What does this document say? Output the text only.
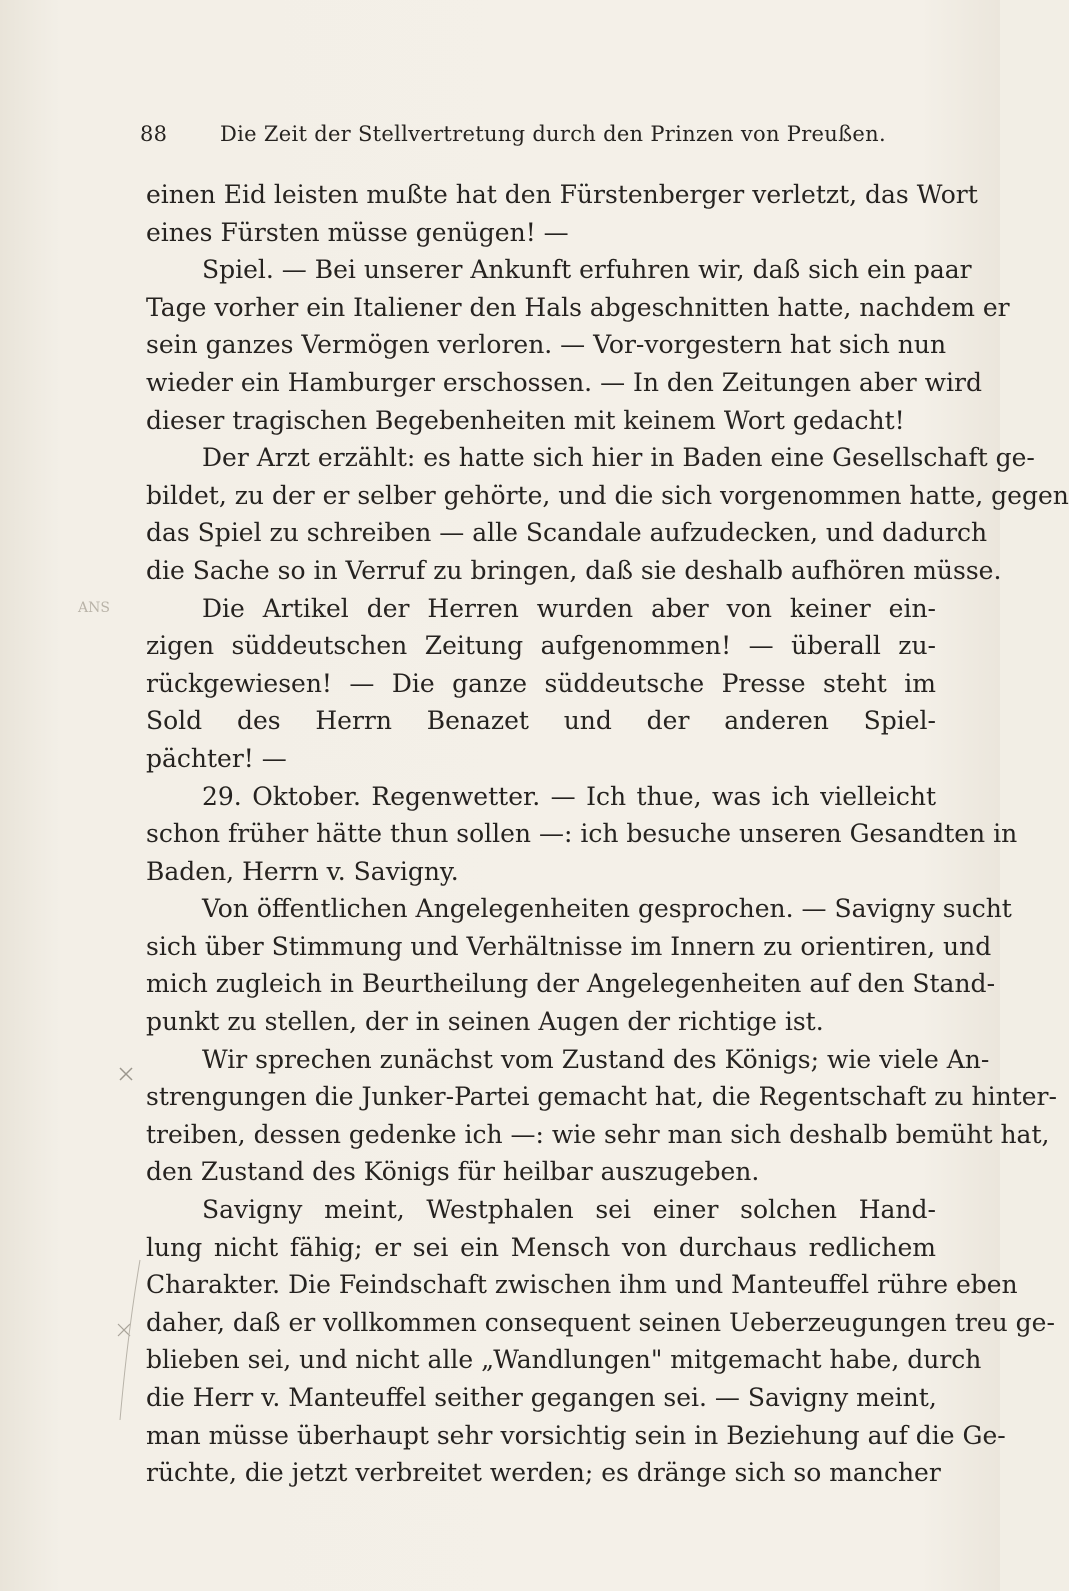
88	Die Zeit der Stellvertretung durch den Prinzen von Preußen.
einen Eid leisten mußte hat den Fürstenberger verletzt, das Wort
eines Fürsten müsse genügen! —
Spiel. — Bei unserer Ankunft erfuhren wir, daß sich ein paar
Tage vorher ein Italiener den Hals abgeschnitten hatte, nachdem er
sein ganzes Vermögen verloren. — Vor-vorgestern hat sich nun
wieder ein Hamburger erschossen. — In den Zeitungen aber wird
dieser tragischen Begebenheiten mit keinem Wort gedacht!
Der Arzt erzählt: es hatte sich hier in Baden eine Gesellschaft ge-
bildet, zu der er selber gehörte, und die sich vorgenommen hatte, gegen
das Spiel zu schreiben — alle Scandale aufzudecken, und dadurch
die Sache so in Verruf zu bringen, daß sie deshalb aufhören müsse.
Die Artikel der Herren wurden aber von keiner ein-
zigen süddeutschen Zeitung aufgenommen! — überall zu-
rückgewiesen! — Die ganze süddeutsche Presse steht im
Sold des Herrn Benazet und der anderen Spiel-
pächter! —
29. Oktober. Regenwetter. — Ich thue, was ich vielleicht
schon früher hätte thun sollen —: ich besuche unseren Gesandten in
Baden, Herrn v. Savigny.
Von öffentlichen Angelegenheiten gesprochen. — Savigny sucht
sich über Stimmung und Verhältnisse im Innern zu orientiren, und
mich zugleich in Beurtheilung der Angelegenheiten auf den Stand-
punkt zu stellen, der in seinen Augen der richtige ist.
Wir sprechen zunächst vom Zustand des Königs; wie viele An-
strengungen die Junker-Partei gemacht hat, die Regentschaft zu hinter-
treiben, dessen gedenke ich —: wie sehr man sich deshalb bemüht hat,
den Zustand des Königs für heilbar auszugeben.
Savigny meint, Westphalen sei einer solchen Hand-
lung nicht fähig; er sei ein Mensch von durchaus redlichem
Charakter. Die Feindschaft zwischen ihm und Manteuffel rühre eben
daher, daß er vollkommen consequent seinen Ueberzeugungen treu ge-
blieben sei, und nicht alle „Wandlungen" mitgemacht habe, durch
die Herr v. Manteuffel seither gegangen sei. — Savigny meint,
man müsse überhaupt sehr vorsichtig sein in Beziehung auf die Ge-
rüchte, die jetzt verbreitet werden; es dränge sich so mancher
ANS
